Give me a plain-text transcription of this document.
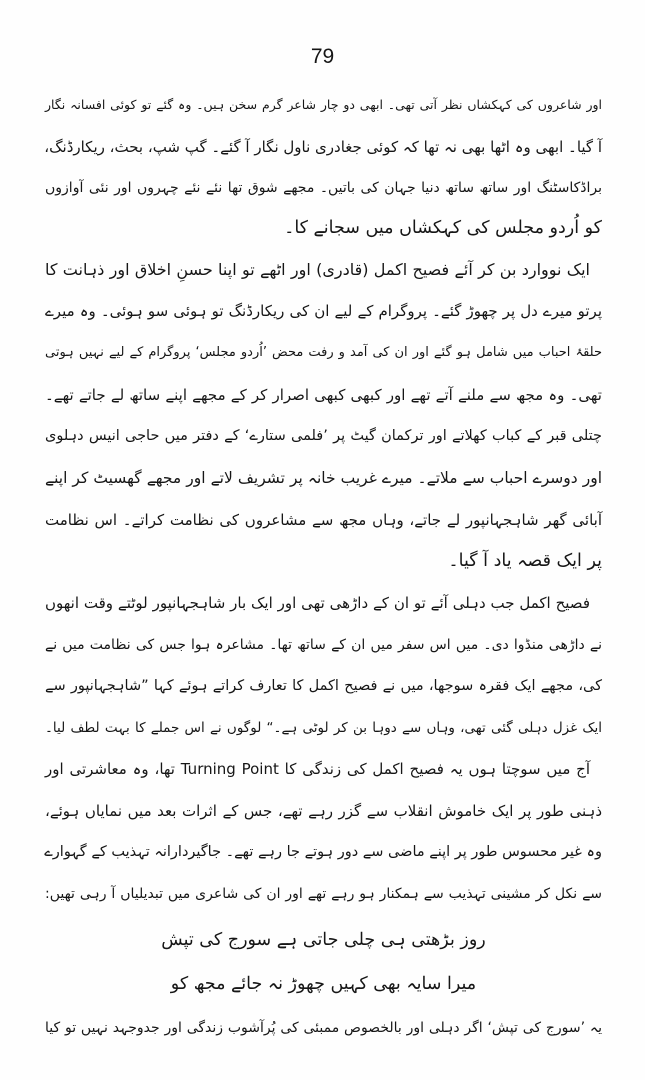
79
اور شاعروں کی کہکشاں نظر آتی تھی۔ ابھی دو چار شاعر گرم سخن ہیں۔ وہ گئے تو کوئی افسانہ نگار
آ گیا۔ ابھی وہ اٹھا بھی نہ تھا کہ کوئی جغادری ناول نگار آ گئے۔ گپ شپ، بحث، ریکارڈنگ،
براڈکاسٹنگ اور ساتھ ساتھ دنیا جہان کی باتیں۔ مجھے شوق تھا نئے نئے چہروں اور نئی آوازوں
کو اُردو مجلس کی کہکشاں میں سجانے کا۔
ایک نووارد بن کر آئے فصیح اکمل (قادری) اور اٹھے تو اپنا حسنِ اخلاق اور ذہانت کا
پرتو میرے دل پر چھوڑ گئے۔ پروگرام کے لیے ان کی ریکارڈنگ تو ہوئی سو ہوئی۔ وہ میرے
حلقۂ احباب میں شامل ہو گئے اور ان کی آمد و رفت محض ’اُردو مجلس‘ پروگرام کے لیے نہیں ہوتی
تھی۔ وہ مجھ سے ملنے آتے تھے اور کبھی کبھی اصرار کر کے مجھے اپنے ساتھ لے جاتے تھے۔
چتلی قبر کے کباب کھلاتے اور ترکمان گیٹ پر ’فلمی ستارے‘ کے دفتر میں حاجی انیس دہلوی
اور دوسرے احباب سے ملاتے۔ میرے غریب خانہ پر تشریف لاتے اور مجھے گھسیٹ کر اپنے
آبائی گھر شاہجہانپور لے جاتے، وہاں مجھ سے مشاعروں کی نظامت کراتے۔ اس نظامت
پر ایک قصہ یاد آ گیا۔
فصیح اکمل جب دہلی آئے تو ان کے داڑھی تھی اور ایک بار شاہجہانپور لوٹتے وقت انھوں
نے داڑھی منڈوا دی۔ میں اس سفر میں ان کے ساتھ تھا۔ مشاعرہ ہوا جس کی نظامت میں نے
کی، مجھے ایک فقرہ سوجھا، میں نے فصیح اکمل کا تعارف کراتے ہوئے کہا ”شاہجہانپور سے
ایک غزل دہلی گئی تھی، وہاں سے دوہا بن کر لوٹی ہے۔“ لوگوں نے اس جملے کا بہت لطف لیا۔
آج میں سوچتا ہوں یہ فصیح اکمل کی زندگی کا Turning Point تھا، وہ معاشرتی اور
ذہنی طور پر ایک خاموش انقلاب سے گزر رہے تھے، جس کے اثرات بعد میں نمایاں ہوئے،
وہ غیر محسوس طور پر اپنے ماضی سے دور ہوتے جا رہے تھے۔ جاگیردارانہ تہذیب کے گہوارے
سے نکل کر مشینی تہذیب سے ہمکنار ہو رہے تھے اور ان کی شاعری میں تبدیلیاں آ رہی تھیں:
روز بڑھتی ہی چلی جاتی ہے سورج کی تپش
میرا سایہ بھی کہیں چھوڑ نہ جائے مجھ کو
یہ ’سورج کی تپش‘ اگر دہلی اور بالخصوص ممبئی کی پُرآشوب زندگی اور جدوجہد نہیں تو کیا
